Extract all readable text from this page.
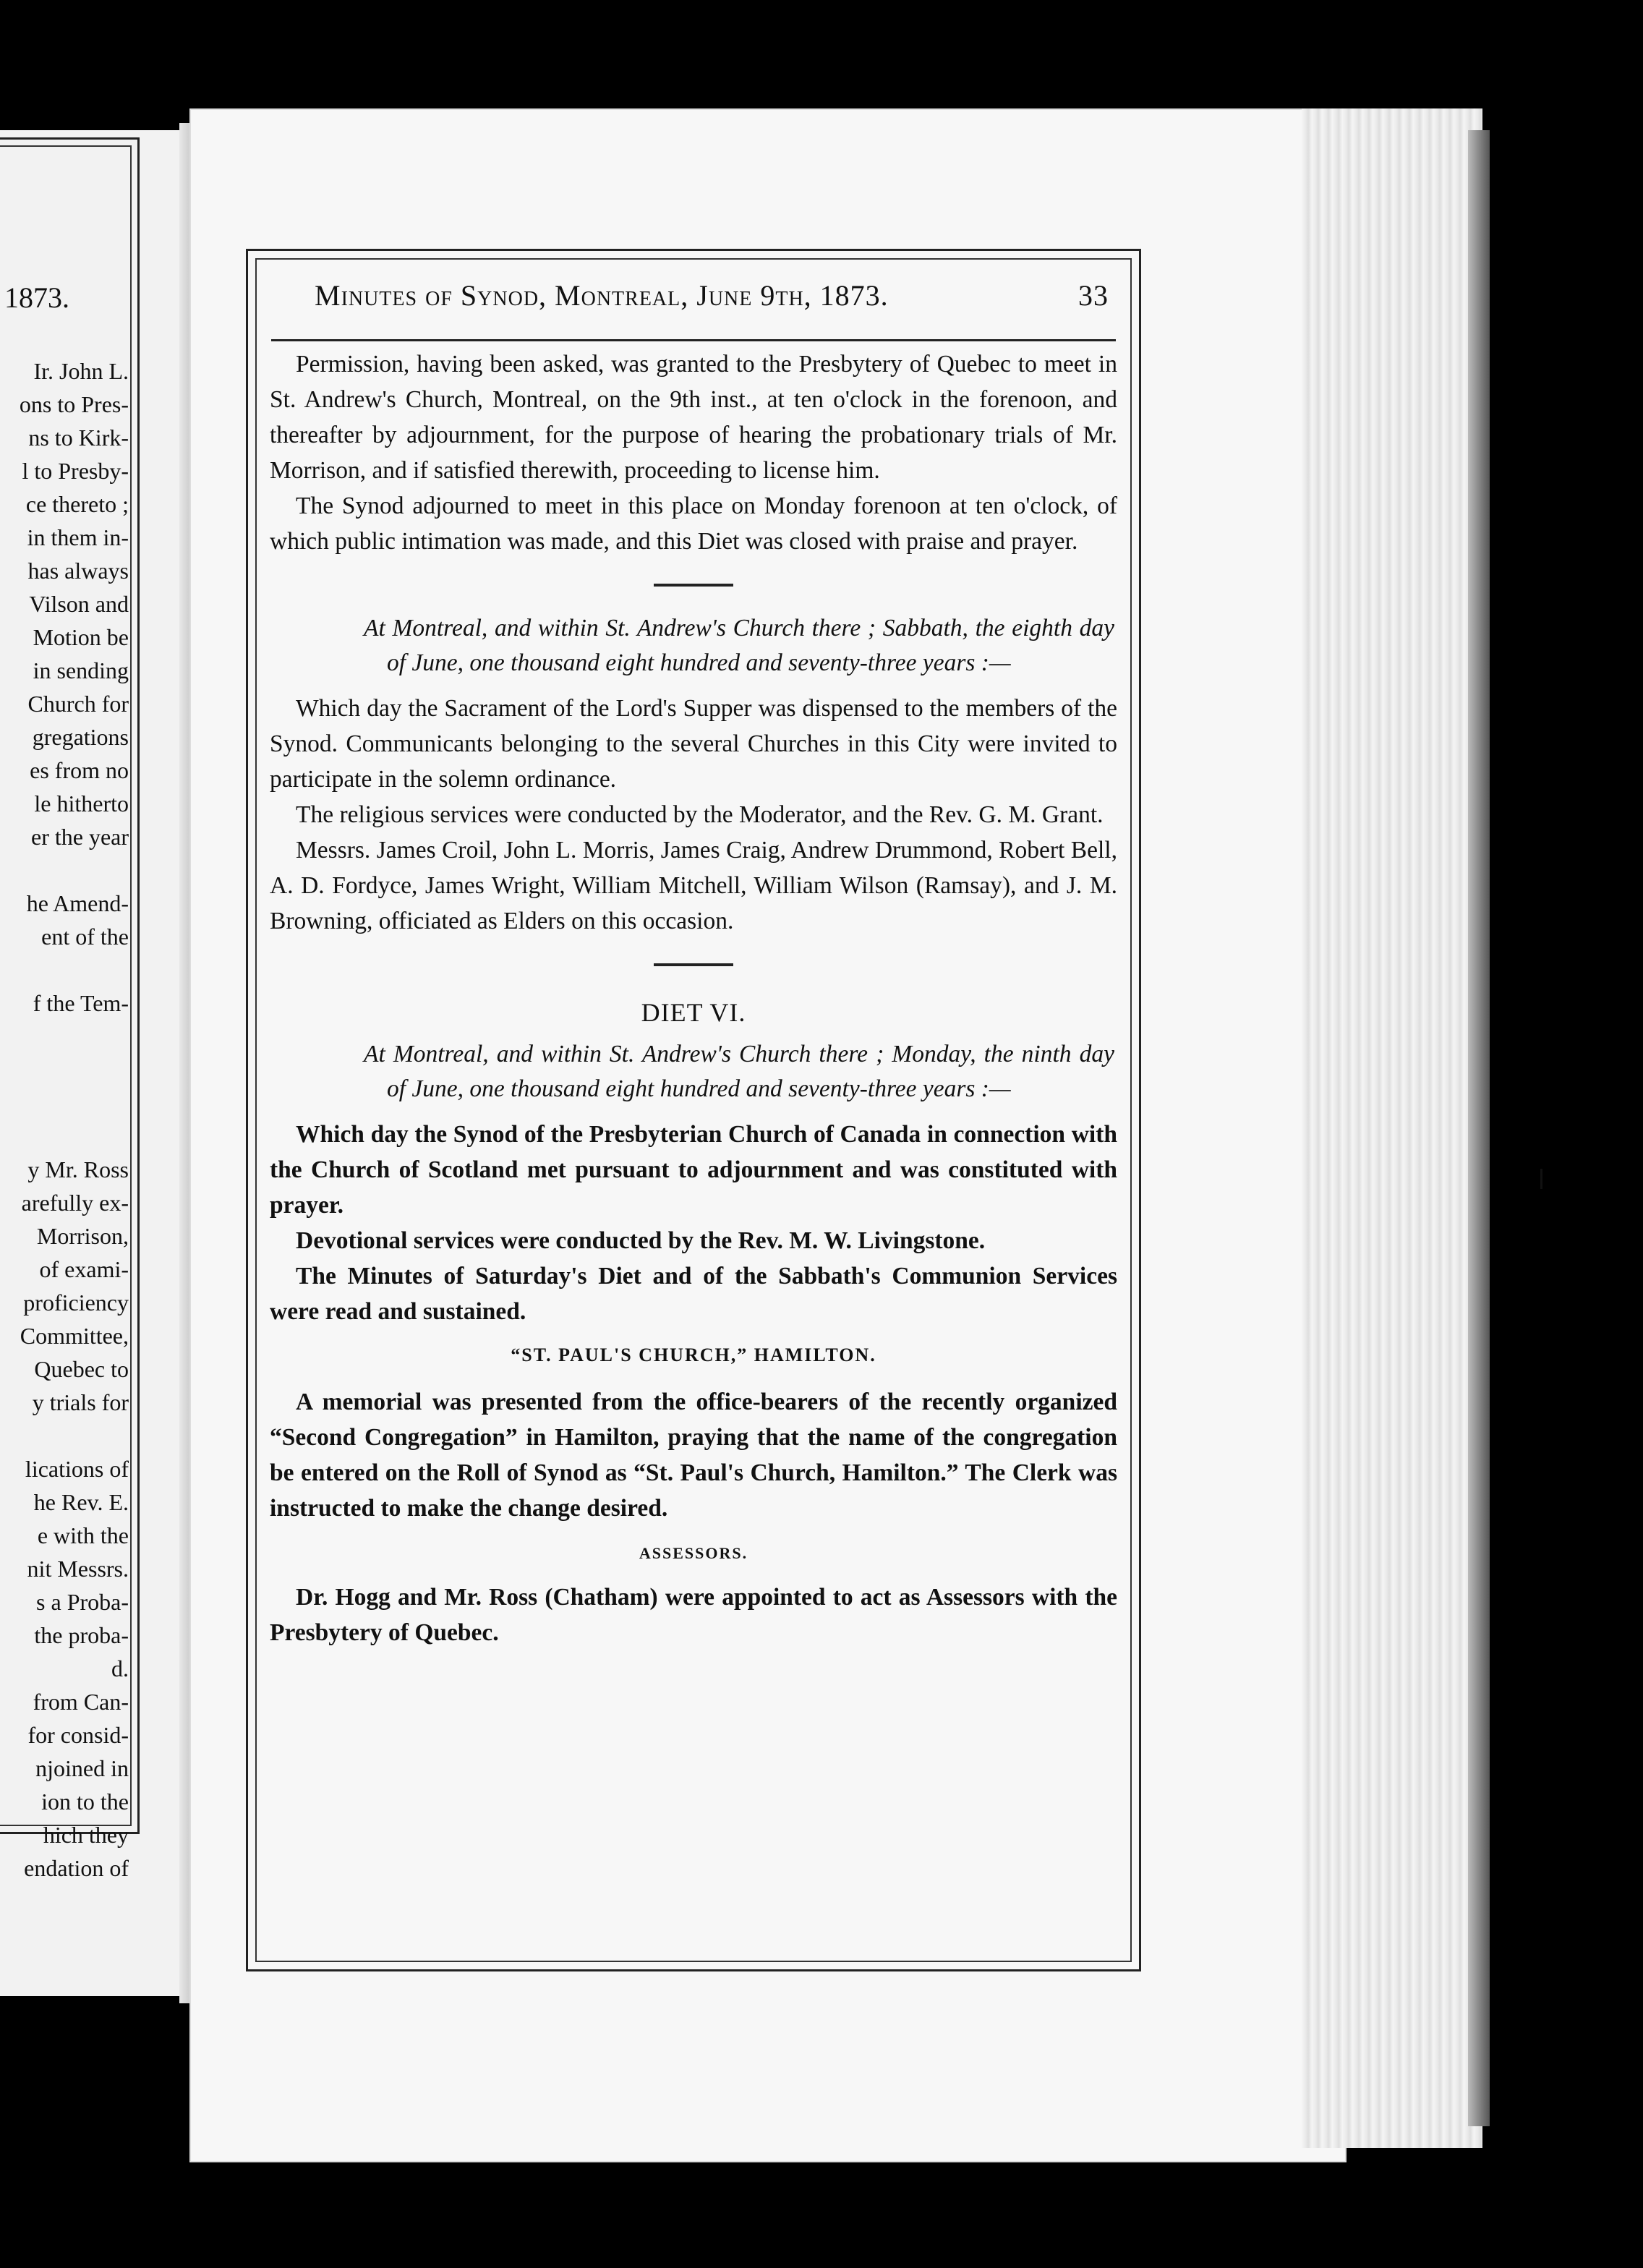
1873.
Ir. John L.
ons to Pres-
ns to Kirk-
l to Presby-
ce thereto ;
in them in-
has always
Vilson and
Motion be
in sending
Church for
gregations
es from no
le hitherto
er the year
he Amend-
ent of the
f the Tem-
y Mr. Ross
arefully ex-
Morrison,
of exami-
proficiency
Committee,
Quebec to
y trials for
lications of
he Rev. E.
e with the
nit Messrs.
s a Proba-
the proba-
d.
from Can-
for consid-
njoined in
ion to the
hich they
endation of
Minutes of Synod, Montreal, June 9th, 1873.	33

Permission, having been asked, was granted to the Presbytery of Quebec to meet in St. Andrew's Church, Montreal, on the 9th inst., at ten o'clock in the forenoon, and thereafter by adjournment, for the purpose of hearing the probationary trials of Mr. Morrison, and if satisfied therewith, proceeding to license him.

The Synod adjourned to meet in this place on Monday forenoon at ten o'clock, of which public intimation was made, and this Diet was closed with praise and prayer.

At Montreal, and within St. Andrew's Church there ; Sabbath, the eighth day of June, one thousand eight hundred and seventy-three years :—

Which day the Sacrament of the Lord's Supper was dispensed to the members of the Synod. Communicants belonging to the several Churches in this City were invited to participate in the solemn ordinance.

The religious services were conducted by the Moderator, and the Rev. G. M. Grant.

Messrs. James Croil, John L. Morris, James Craig, Andrew Drummond, Robert Bell, A. D. Fordyce, James Wright, William Mitchell, William Wilson (Ramsay), and J. M. Browning, officiated as Elders on this occasion.

DIET VI.

At Montreal, and within St. Andrew's Church there ; Monday, the ninth day of June, one thousand eight hundred and seventy-three years :—

Which day the Synod of the Presbyterian Church of Canada in connection with the Church of Scotland met pursuant to adjournment and was constituted with prayer.

Devotional services were conducted by the Rev. M. W. Livingstone.

The Minutes of Saturday's Diet and of the Sabbath's Communion Services were read and sustained.

“ST. PAUL'S CHURCH,” HAMILTON.

A memorial was presented from the office-bearers of the recently organized “Second Congregation” in Hamilton, praying that the name of the congregation be entered on the Roll of Synod as “St. Paul's Church, Hamilton.” The Clerk was instructed to make the change desired.

ASSESSORS.

Dr. Hogg and Mr. Ross (Chatham) were appointed to act as Assessors with the Presbytery of Quebec.
